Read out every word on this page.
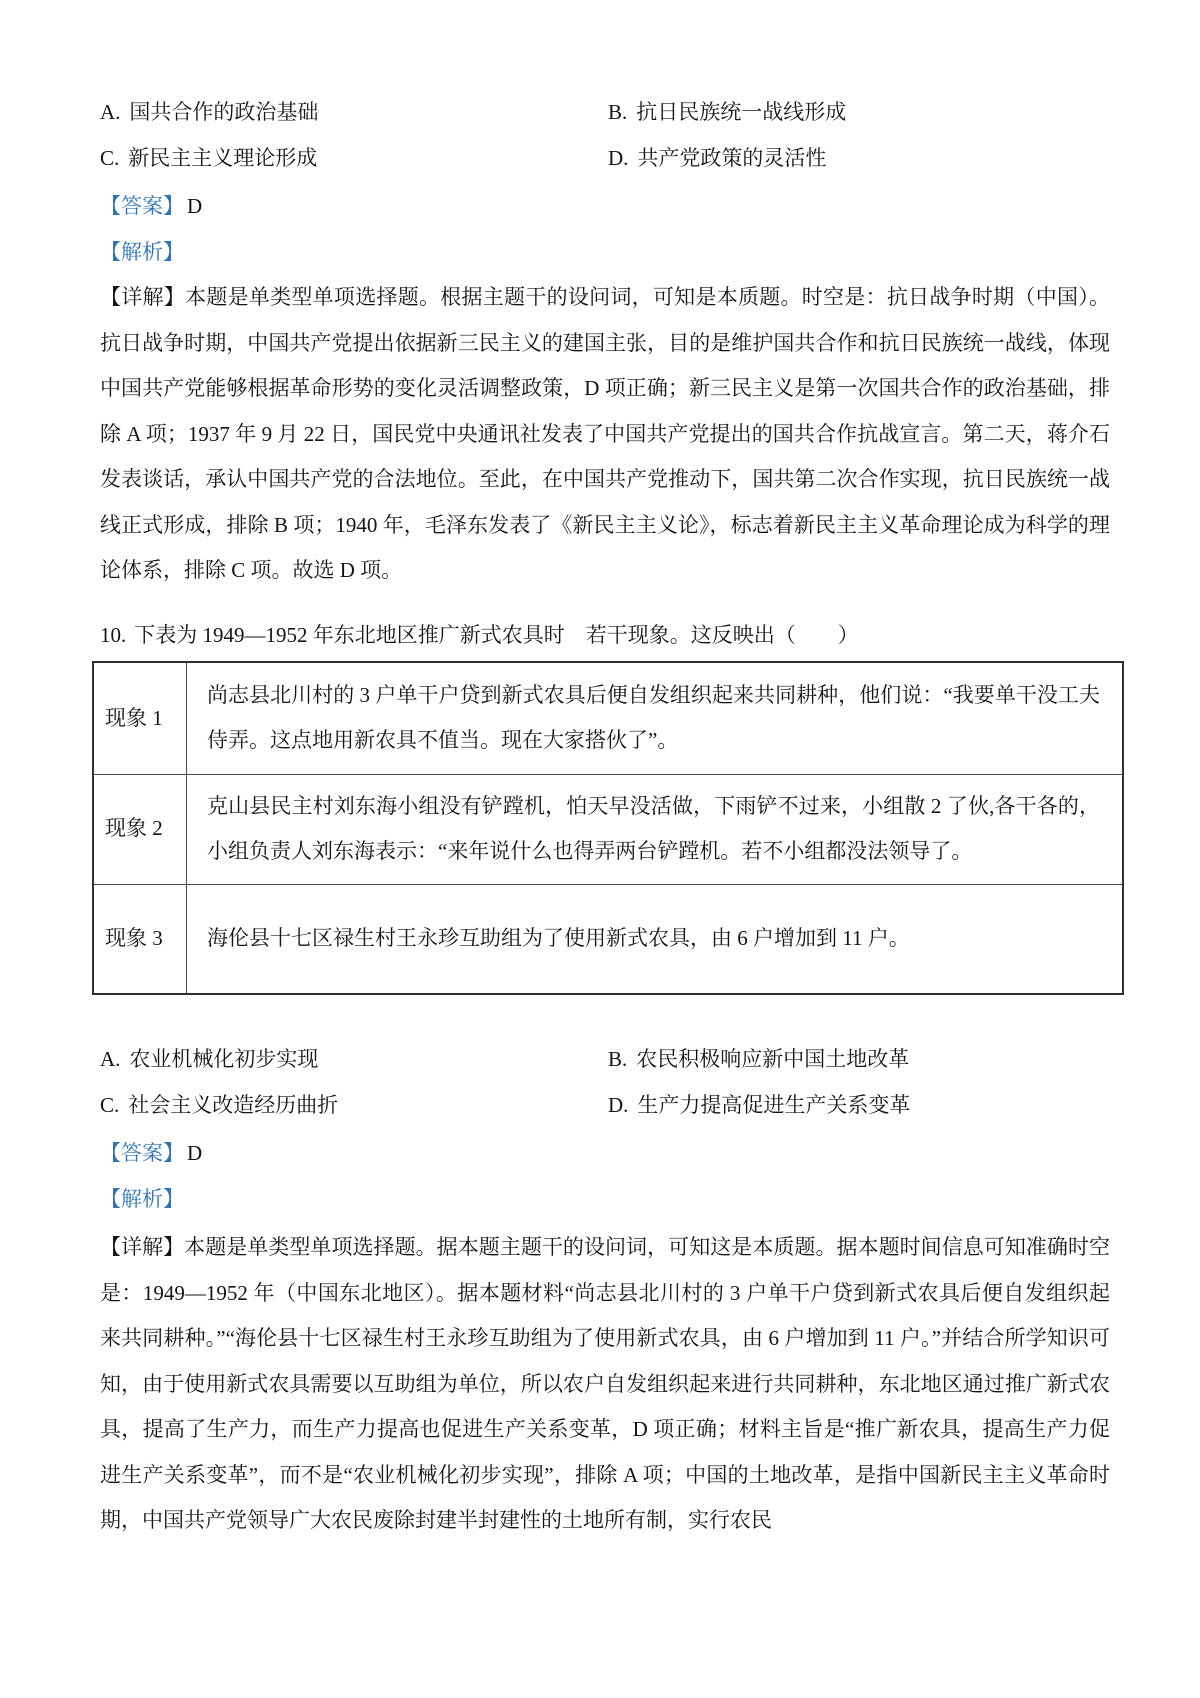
A. 国共合作的政治基础	B. 抗日民族统一战线形成
C. 新民主主义理论形成	D. 共产党政策的灵活性
【答案】 D
【解析】

【详解】本题是单类型单项选择题。根据主题干的设问词，可知是本质题。时空是：抗日战争时期（中国）。抗日战争时期，中国共产党提出依据新三民主义的建国主张，目的是维护国共合作和抗日民族统一战线，体现中国共产党能够根据革命形势的变化灵活调整政策，D 项正确；新三民主义是第一次国共合作的政治基础，排除 A 项；1937 年 9 月 22 日，国民党中央通讯社发表了中国共产党提出的国共合作抗战宣言。第二天，蒋介石发表谈话，承认中国共产党的合法地位。至此，在中国共产党推动下，国共第二次合作实现，抗日民族统一战线正式形成，排除 B 项；1940 年，毛泽东发表了《新民主主义论》，标志着新民主主义革命理论成为科学的理论体系，排除 C 项。故选 D 项。

10. 下表为 1949—1952 年东北地区推广新式农具时　若干现象。这反映出（　　）
现象 1	尚志县北川村的 3 户单干户贷到新式农具后便自发组织起来共同耕种，他们说：“我要单干没工夫侍弄。这点地用新农具不值当。现在大家搭伙了”。
现象 2	克山县民主村刘东海小组没有铲蹚机，怕天早没活做，下雨铲不过来，小组散 2 了伙,各干各的，小组负责人刘东海表示：“来年说什么也得弄两台铲蹚机。若不小组都没法领导了。
现象 3	海伦县十七区禄生村王永珍互助组为了使用新式农具，由 6 户增加到 11 户。
A. 农业机械化初步实现	B. 农民积极响应新中国土地改革
C. 社会主义改造经历曲折	D. 生产力提高促进生产关系变革
【答案】 D
【解析】

【详解】本题是单类型单项选择题。据本题主题干的设问词，可知这是本质题。据本题时间信息可知准确时空是：1949—1952 年（中国东北地区）。据本题材料“尚志县北川村的 3 户单干户贷到新式农具后便自发组织起来共同耕种。”“海伦县十七区禄生村王永珍互助组为了使用新式农具，由 6 户增加到 11 户。”并结合所学知识可知，由于使用新式农具需要以互助组为单位，所以农户自发组织起来进行共同耕种，东北地区通过推广新式农具，提高了生产力，而生产力提高也促进生产关系变革，D 项正确；材料主旨是“推广新农具，提高生产力促进生产关系变革”，而不是“农业机械化初步实现”，排除 A 项；中国的土地改革，是指中国新民主主义革命时期，中国共产党领导广大农民废除封建半封建性的土地所有制，实行农民
